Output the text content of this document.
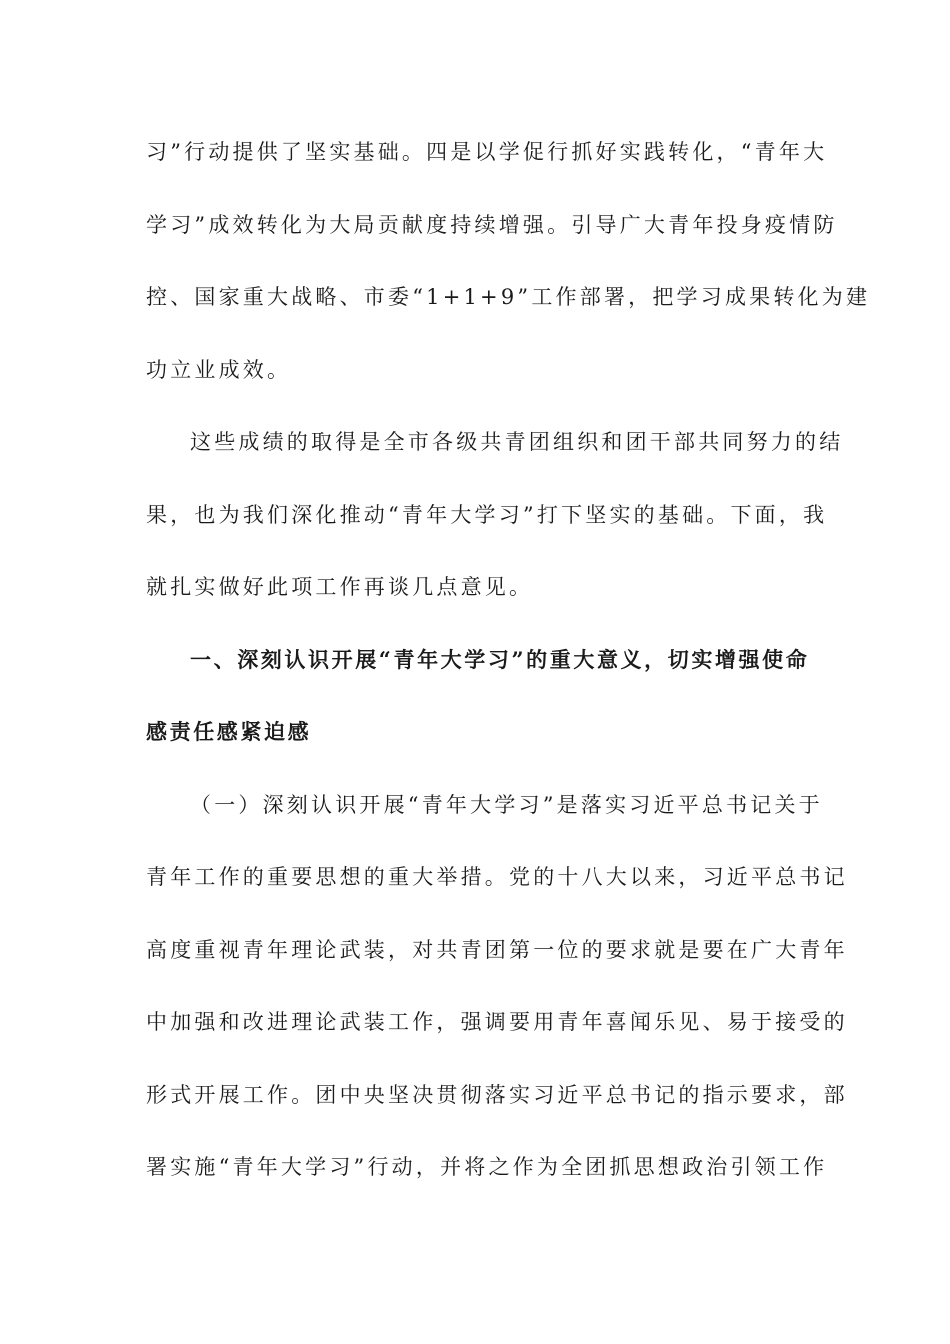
习”行动提供了坚实基础。四是以学促行抓好实践转化，“青年大
学习”成效转化为大局贡献度持续增强。引导广大青年投身疫情防
控、国家重大战略、市委“1+1+9”工作部署，把学习成果转化为建
功立业成效。
这些成绩的取得是全市各级共青团组织和团干部共同努力的结
果，也为我们深化推动“青年大学习”打下坚实的基础。下面，我
就扎实做好此项工作再谈几点意见。
一、深刻认识开展“青年大学习”的重大意义，切实增强使命
感责任感紧迫感
（一）深刻认识开展“青年大学习”是落实习近平总书记关于
青年工作的重要思想的重大举措。党的十八大以来，习近平总书记
高度重视青年理论武装，对共青团第一位的要求就是要在广大青年
中加强和改进理论武装工作，强调要用青年喜闻乐见、易于接受的
形式开展工作。团中央坚决贯彻落实习近平总书记的指示要求，部
署实施“青年大学习”行动，并将之作为全团抓思想政治引领工作
